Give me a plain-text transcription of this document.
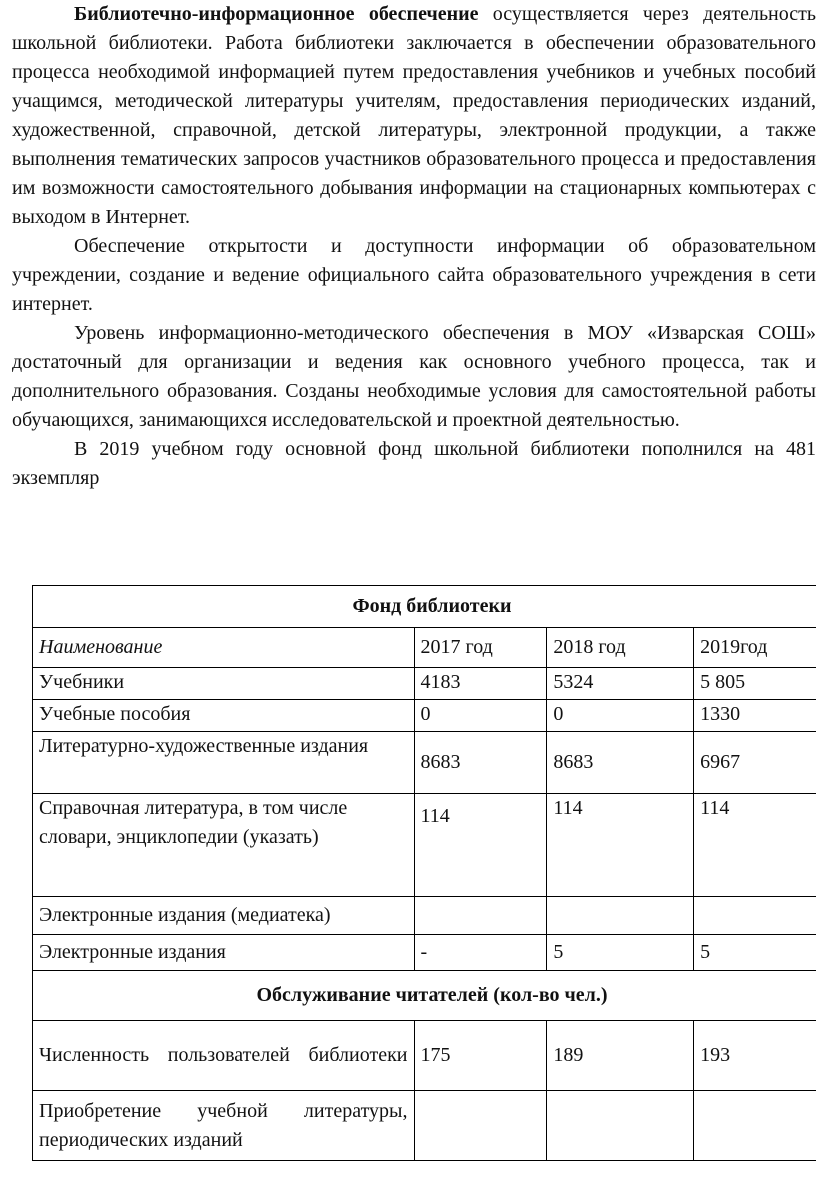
Библиотечно-информационное обеспечение осуществляется через деятельность школьной библиотеки. Работа библиотеки заключается в обеспечении образовательного процесса необходимой информацией путем предоставления учебников и учебных пособий учащимся, методической литературы учителям, предоставления периодических изданий, художественной, справочной, детской литературы, электронной продукции, а также выполнения тематических запросов участников образовательного процесса и предоставления им возможности самостоятельного добывания информации на стационарных компьютерах с выходом в Интернет.

Обеспечение открытости и доступности информации об образовательном учреждении, создание и ведение официального сайта образовательного учреждения в сети интернет.

Уровень информационно-методического обеспечения в МОУ «Изварская СОШ» достаточный для организации и ведения как основного учебного процесса, так и дополнительного образования. Созданы необходимые условия для самостоятельной работы обучающихся, занимающихся исследовательской и проектной деятельностью.

В 2019 учебном году основной фонд школьной библиотеки пополнился на 481 экземпляр

Фонд библиотеки			
Наименование	2017 год	2018 год	2019год
Учебники	4183	5324	5 805
Учебные пособия	0	0	1330
Литературно-художественные издания	8683	8683	6967
Справочная литература, в том числе словари, энциклопедии (указать)	114	114	114
Электронные издания (медиатека)			
Электронные издания	-	5	5
Обслуживание читателей (кол-во чел.)			
Численность пользователей библиотеки	175	189	193
Приобретение учебной литературы, периодических изданий			
